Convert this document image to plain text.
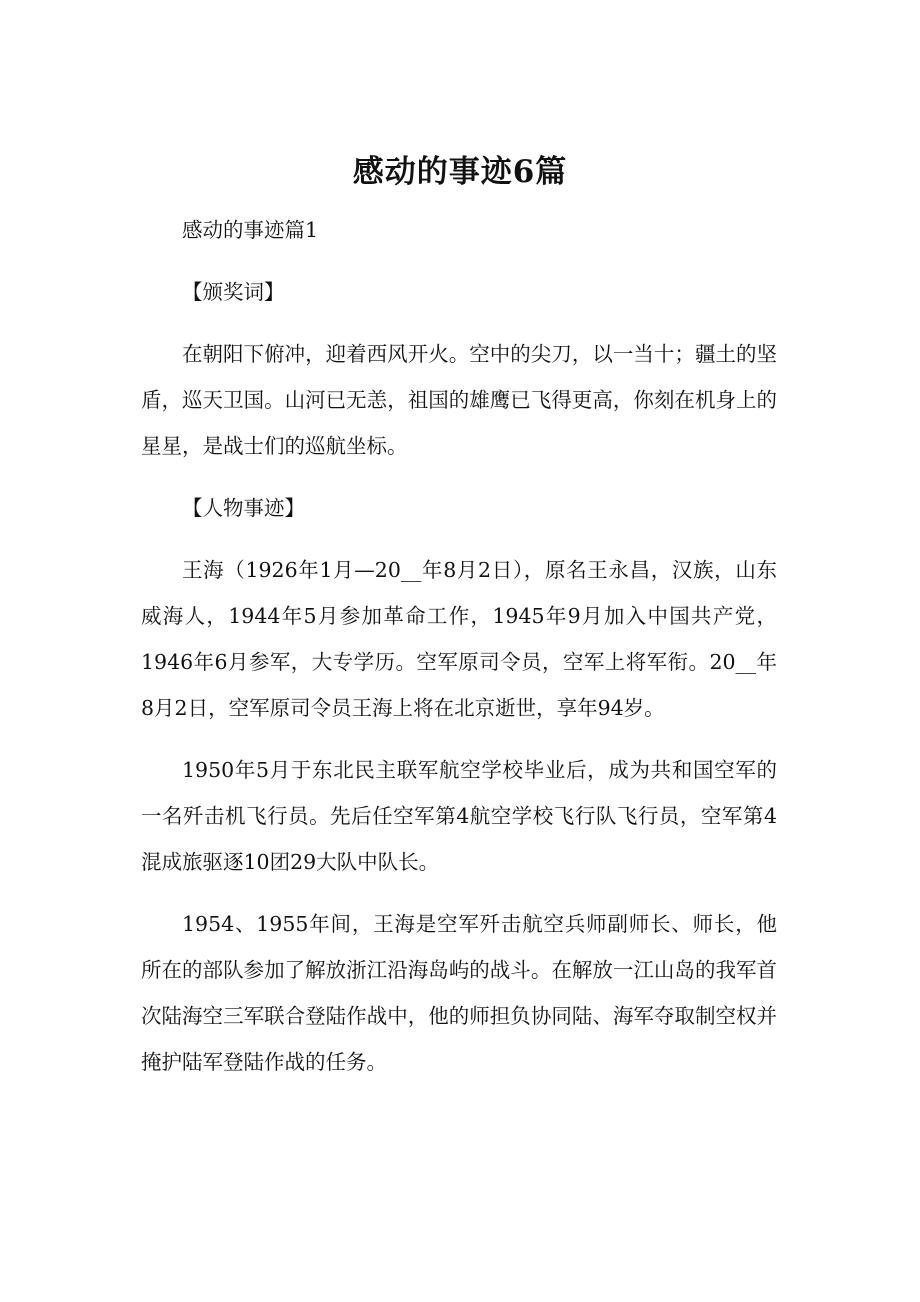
感动的事迹6篇

感动的事迹篇1

【颁奖词】

在朝阳下俯冲，迎着西风开火。空中的尖刀，以一当十；疆土的坚盾，巡天卫国。山河已无恙，祖国的雄鹰已飞得更高，你刻在机身上的星星，是战士们的巡航坐标。

【人物事迹】

王海（1926年1月—20__年8月2日），原名王永昌，汉族，山东威海人，1944年5月参加革命工作，1945年9月加入中国共产党，1946年6月参军，大专学历。空军原司令员，空军上将军衔。20__年8月2日，空军原司令员王海上将在北京逝世，享年94岁。

1950年5月于东北民主联军航空学校毕业后，成为共和国空军的一名歼击机飞行员。先后任空军第4航空学校飞行队飞行员，空军第4混成旅驱逐10团29大队中队长。

1954、1955年间，王海是空军歼击航空兵师副师长、师长，他所在的部队参加了解放浙江沿海岛屿的战斗。在解放一江山岛的我军首次陆海空三军联合登陆作战中，他的师担负协同陆、海军夺取制空权并掩护陆军登陆作战的任务。
